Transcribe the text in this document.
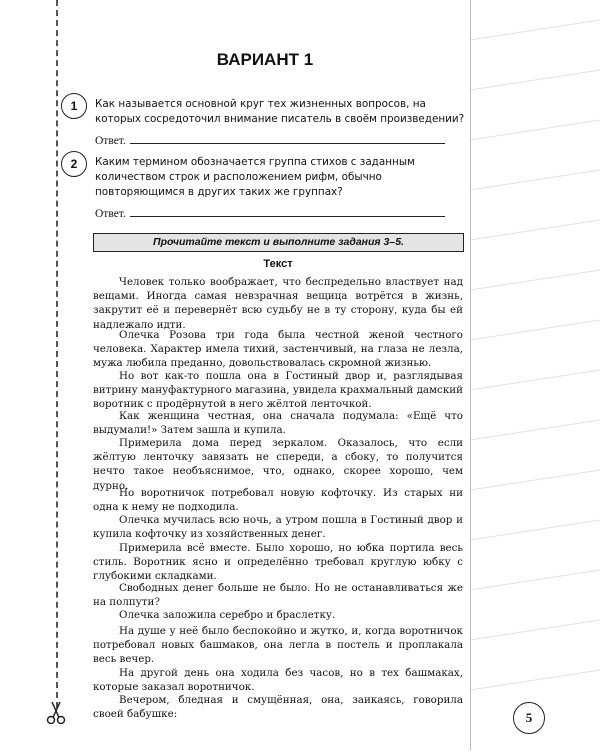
ВАРИАНТ 1
1	Как называется основной круг тех жизненных вопросов, на которых сосредоточил внимание писатель в своём произведении?
Ответ.
2	Каким термином обозначается группа стихов с заданным количеством строк и расположением рифм, обычно повторяющимся в других таких же группах?
Ответ.
Прочитайте текст и выполните задания 3–5.
Текст

Человек только воображает, что беспредельно властвует над вещами. Иногда самая невзрачная вещица вотрётся в жизнь, закрутит её и перевернёт всю судьбу не в ту сторону, куда бы ей надлежало идти.

Олечка Розова три года была честной женой честного человека. Характер имела тихий, застенчивый, на глаза не лезла, мужа любила преданно, довольствовалась скромной жизнью.

Но вот как-то пошла она в Гостиный двор и, разглядывая витрину мануфактурного магазина, увидела крахмальный дамский воротник с продёрнутой в него жёлтой ленточкой.

Как женщина честная, она сначала подумала: «Ещё что выдумали!» Затем зашла и купила.

Примерила дома перед зеркалом. Оказалось, что если жёлтую ленточку завязать не спереди, а сбоку, то получится нечто такое необъяснимое, что, однако, скорее хорошо, чем дурно.

Но воротничок потребовал новую кофточку. Из старых ни одна к нему не подходила.

Олечка мучилась всю ночь, а утром пошла в Гостиный двор и купила кофточку из хозяйственных денег.

Примерила всё вместе. Было хорошо, но юбка портила весь стиль. Воротник ясно и определённо требовал круглую юбку с глубокими складками.

Свободных денег больше не было. Но не останавливаться же на полпути?

Олечка заложила серебро и браслетку.

На душе у неё было беспокойно и жутко, и, когда воротничок потребовал новых башмаков, она легла в постель и проплакала весь вечер.

На другой день она ходила без часов, но в тех башмаках, которые заказал воротничок.

Вечером, бледная и смущённая, она, заикаясь, говорила своей бабушке:	5
